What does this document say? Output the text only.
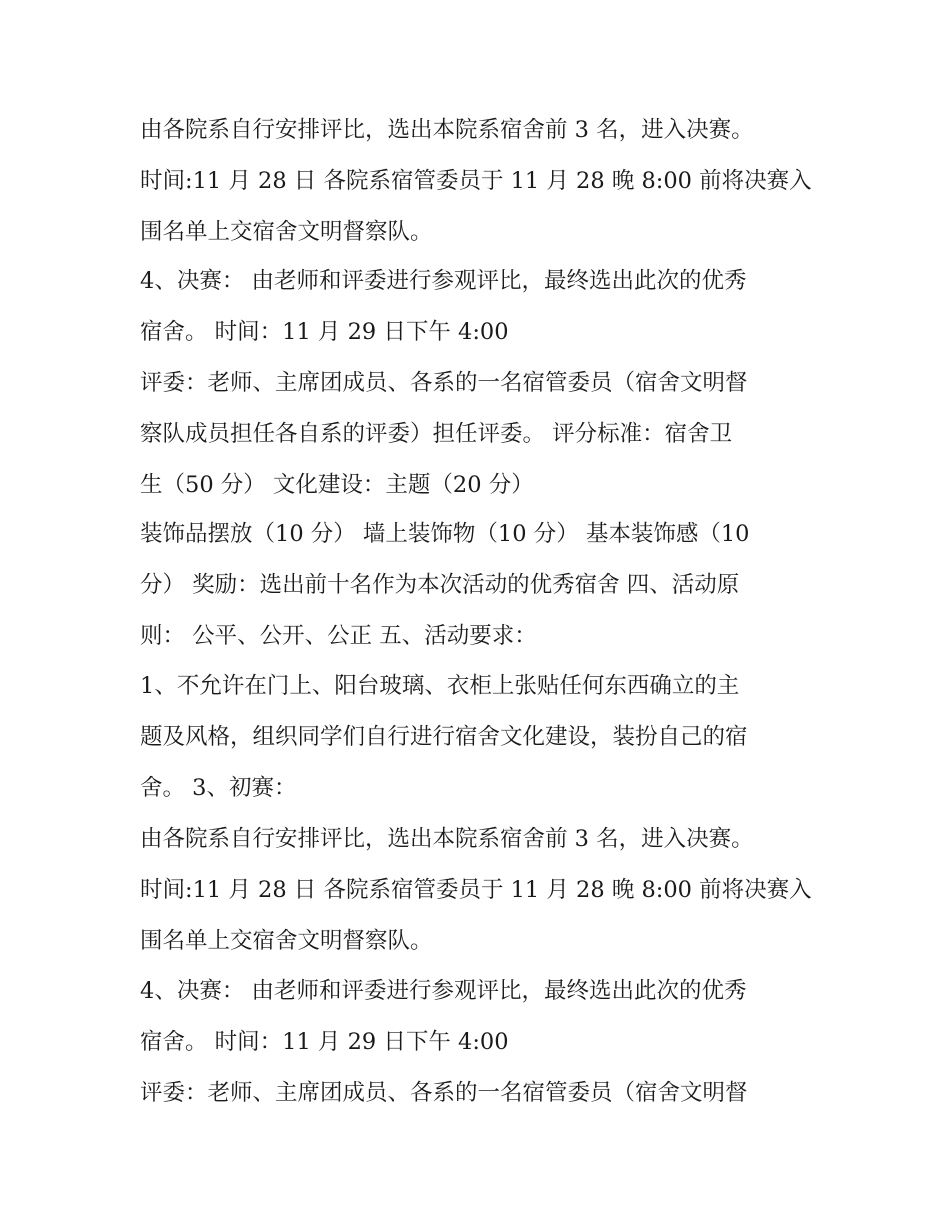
由各院系自行安排评比，选出本院系宿舍前 3 名，进入决赛。
时间:11 月 28 日 各院系宿管委员于 11 月 28 晚 8:00 前将决赛入
围名单上交宿舍文明督察队。
4、决赛： 由老师和评委进行参观评比，最终选出此次的优秀
宿舍。 时间：11 月 29 日下午 4:00
评委：老师、主席团成员、各系的一名宿管委员（宿舍文明督
察队成员担任各自系的评委）担任评委。 评分标准：宿舍卫
生（50 分） 文化建设：主题（20 分）
装饰品摆放（10 分） 墙上装饰物（10 分） 基本装饰感（10
分） 奖励：选出前十名作为本次活动的优秀宿舍 四、活动原
则： 公平、公开、公正 五、活动要求：
1、不允许在门上、阳台玻璃、衣柜上张贴任何东西确立的主
题及风格，组织同学们自行进行宿舍文化建设，装扮自己的宿
舍。 3、初赛：
由各院系自行安排评比，选出本院系宿舍前 3 名，进入决赛。
时间:11 月 28 日 各院系宿管委员于 11 月 28 晚 8:00 前将决赛入
围名单上交宿舍文明督察队。
4、决赛： 由老师和评委进行参观评比，最终选出此次的优秀
宿舍。 时间：11 月 29 日下午 4:00
评委：老师、主席团成员、各系的一名宿管委员（宿舍文明督
